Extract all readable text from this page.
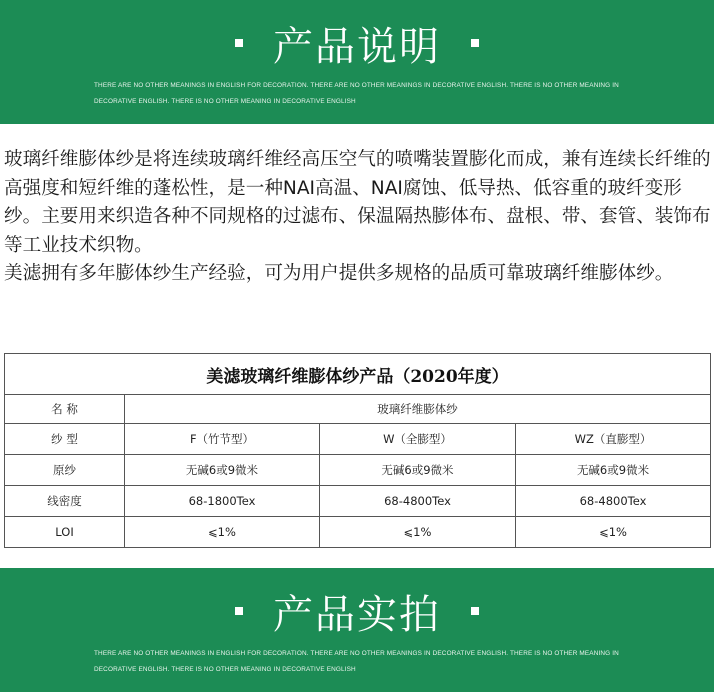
产品说明
THERE ARE NO OTHER MEANINGS IN ENGLISH FOR DECORATION. THERE ARE NO OTHER MEANINGS IN DECORATIVE ENGLISH. THERE IS NO OTHER MEANING IN DECORATIVE ENGLISH. THERE IS NO OTHER MEANING IN DECORATIVE ENGLISH

玻璃纤维膨体纱是将连续玻璃纤维经高压空气的喷嘴装置膨化而成，兼有连续长纤维的高强度和短纤维的蓬松性，是一种NAI高温、NAI腐蚀、低导热、低容重的玻纤变形纱。主要用来织造各种不同规格的过滤布、保温隔热膨体布、盘根、带、套管、装饰布等工业技术织物。

美滤拥有多年膨体纱生产经验，可为用户提供多规格的品质可靠玻璃纤维膨体纱。

美滤玻璃纤维膨体纱产品（2020年度）			
名 称	玻璃纤维膨体纱		
纱 型	F（竹节型）	W（全膨型）	WZ（直膨型）
原纱	无碱6或9微米	无碱6或9微米	无碱6或9微米
线密度	68-1800Tex	68-4800Tex	68-4800Tex
LOI	⩽1%	⩽1%	⩽1%
产品实拍
THERE ARE NO OTHER MEANINGS IN ENGLISH FOR DECORATION. THERE ARE NO OTHER MEANINGS IN DECORATIVE ENGLISH. THERE IS NO OTHER MEANING IN DECORATIVE ENGLISH. THERE IS NO OTHER MEANING IN DECORATIVE ENGLISH
